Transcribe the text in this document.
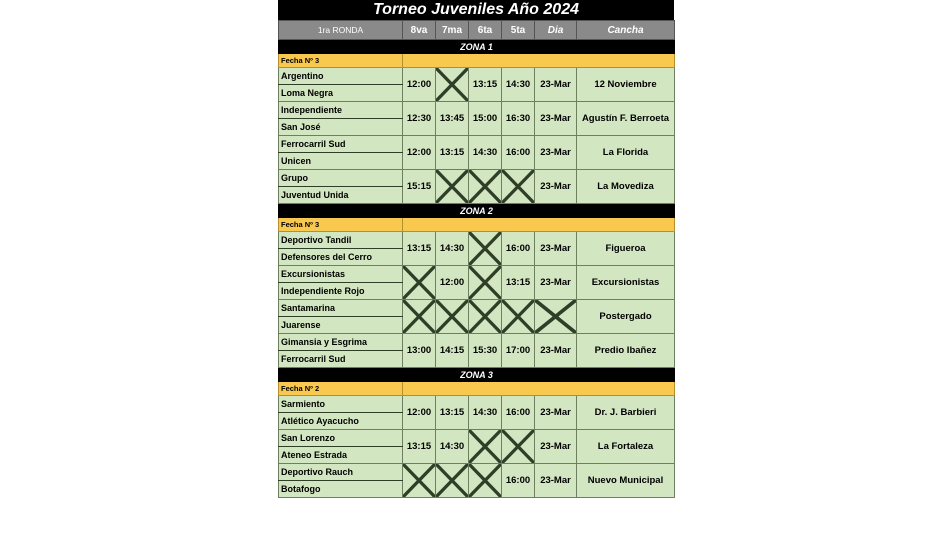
Torneo Juveniles Año 2024
1ra RONDA	8va	7ma	6ta	5ta	Dia	Cancha
ZONA 1						
Fecha Nº 3						
Argentino	12:00		13:15	14:30	23-Mar	12 Noviembre
Loma Negra						
Independiente	12:30	13:45	15:00	16:30	23-Mar	Agustín F. Berroeta
San José						
Ferrocarril Sud	12:00	13:15	14:30	16:00	23-Mar	La Florida
Unicen						
Grupo	15:15				23-Mar	La Movediza
Juventud Unida						
ZONA 2						
Fecha Nº 3						
Deportivo Tandil	13:15	14:30		16:00	23-Mar	Figueroa
Defensores del Cerro						
Excursionistas		12:00		13:15	23-Mar	Excursionistas
Independiente Rojo						
Santamarina						Postergado
Juarense						
Gimansia y Esgrima	13:00	14:15	15:30	17:00	23-Mar	Predio Ibañez
Ferrocarril Sud						
ZONA 3						
Fecha Nº 2						
Sarmiento	12:00	13:15	14:30	16:00	23-Mar	Dr. J. Barbieri
Atlético Ayacucho						
San Lorenzo	13:15	14:30			23-Mar	La Fortaleza
Ateneo Estrada						
Deportivo Rauch				16:00	23-Mar	Nuevo Municipal
Botafogo						
